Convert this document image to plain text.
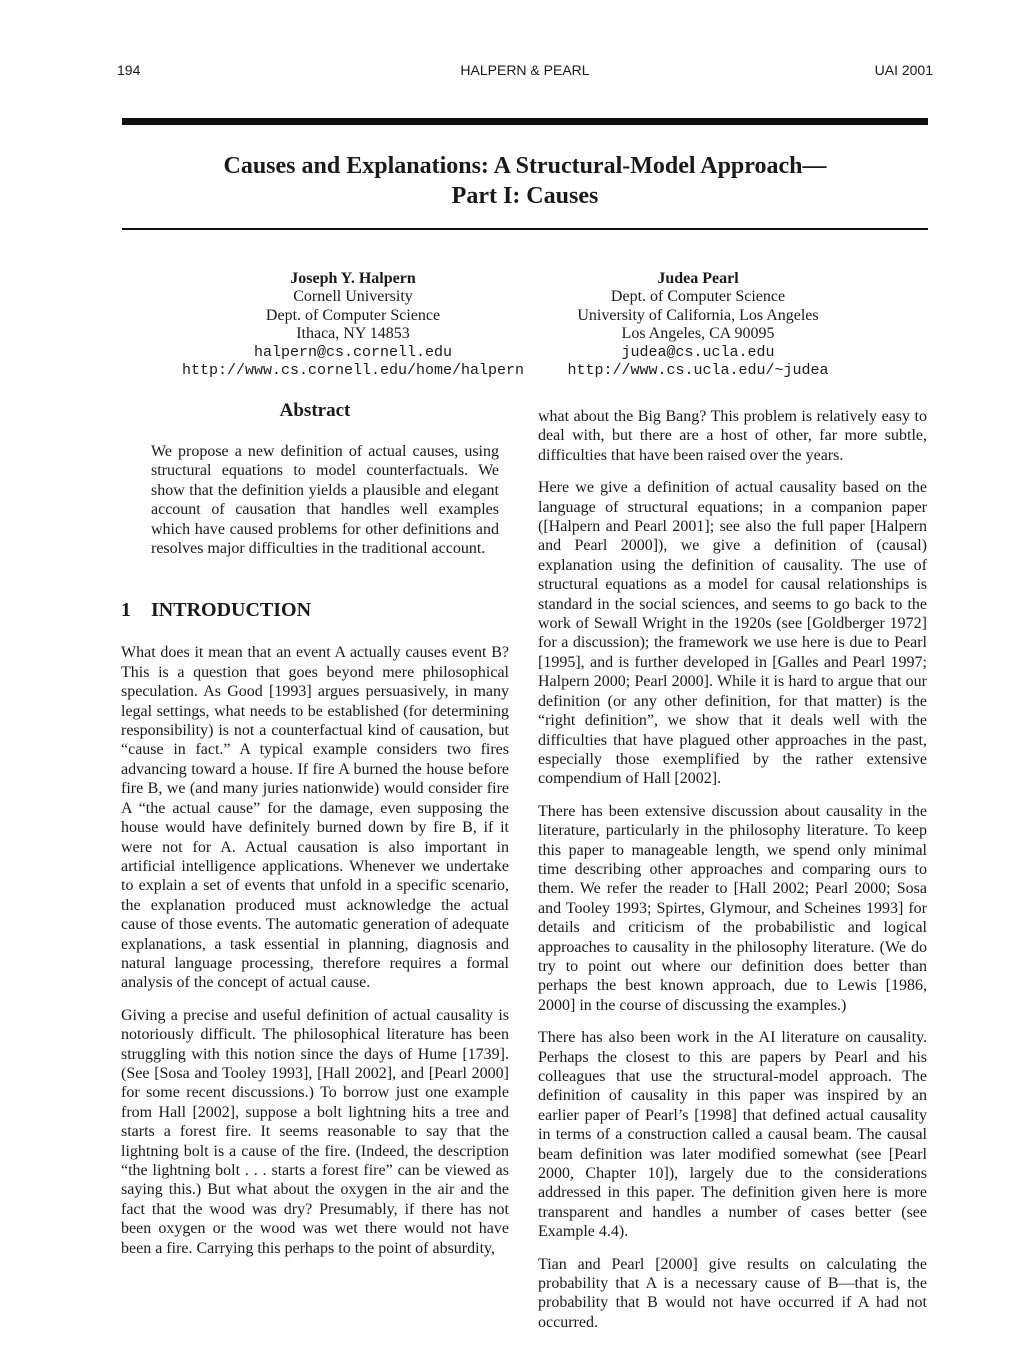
194	HALPERN & PEARL	UAI 2001
Causes and Explanations: A Structural-Model Approach—
Part I: Causes
Joseph Y. Halpern
Cornell University
Dept. of Computer Science
Ithaca, NY 14853
halpern@cs.cornell.edu
http://www.cs.cornell.edu/home/halpern
Judea Pearl
Dept. of Computer Science
University of California, Los Angeles
Los Angeles, CA 90095
judea@cs.ucla.edu
http://www.cs.ucla.edu/~judea
Abstract

We propose a new definition of actual causes, using structural equations to model counterfactuals. We show that the definition yields a plausible and elegant account of causation that handles well examples which have caused problems for other definitions and resolves major difficulties in the traditional account.

1 INTRODUCTION

What does it mean that an event A actually causes event B? This is a question that goes beyond mere philosophical speculation. As Good [1993] argues persuasively, in many legal settings, what needs to be established (for determining responsibility) is not a counterfactual kind of causation, but “cause in fact.” A typical example considers two fires advancing toward a house. If fire A burned the house before fire B, we (and many juries nationwide) would consider fire A “the actual cause” for the damage, even supposing the house would have definitely burned down by fire B, if it were not for A. Actual causation is also important in artificial intelligence applications. Whenever we undertake to explain a set of events that unfold in a specific scenario, the explanation produced must acknowledge the actual cause of those events. The automatic generation of adequate explanations, a task essential in planning, diagnosis and natural language processing, therefore requires a formal analysis of the concept of actual cause.

Giving a precise and useful definition of actual causality is notoriously difficult. The philosophical literature has been struggling with this notion since the days of Hume [1739]. (See [Sosa and Tooley 1993], [Hall 2002], and [Pearl 2000] for some recent discussions.) To borrow just one example from Hall [2002], suppose a bolt lightning hits a tree and starts a forest fire. It seems reasonable to say that the lightning bolt is a cause of the fire. (Indeed, the description “the lightning bolt . . . starts a forest fire” can be viewed as saying this.) But what about the oxygen in the air and the fact that the wood was dry? Presumably, if there has not been oxygen or the wood was wet there would not have been a fire. Carrying this perhaps to the point of absurdity,

what about the Big Bang? This problem is relatively easy to deal with, but there are a host of other, far more subtle, difficulties that have been raised over the years.

Here we give a definition of actual causality based on the language of structural equations; in a companion paper ([Halpern and Pearl 2001]; see also the full paper [Halpern and Pearl 2000]), we give a definition of (causal) explanation using the definition of causality. The use of structural equations as a model for causal relationships is standard in the social sciences, and seems to go back to the work of Sewall Wright in the 1920s (see [Goldberger 1972] for a discussion); the framework we use here is due to Pearl [1995], and is further developed in [Galles and Pearl 1997; Halpern 2000; Pearl 2000]. While it is hard to argue that our definition (or any other definition, for that matter) is the “right definition”, we show that it deals well with the difficulties that have plagued other approaches in the past, especially those exemplified by the rather extensive compendium of Hall [2002].

There has been extensive discussion about causality in the literature, particularly in the philosophy literature. To keep this paper to manageable length, we spend only minimal time describing other approaches and comparing ours to them. We refer the reader to [Hall 2002; Pearl 2000; Sosa and Tooley 1993; Spirtes, Glymour, and Scheines 1993] for details and criticism of the probabilistic and logical approaches to causality in the philosophy literature. (We do try to point out where our definition does better than perhaps the best known approach, due to Lewis [1986, 2000] in the course of discussing the examples.)

There has also been work in the AI literature on causality. Perhaps the closest to this are papers by Pearl and his colleagues that use the structural-model approach. The definition of causality in this paper was inspired by an earlier paper of Pearl’s [1998] that defined actual causality in terms of a construction called a causal beam. The causal beam definition was later modified somewhat (see [Pearl 2000, Chapter 10]), largely due to the considerations addressed in this paper. The definition given here is more transparent and handles a number of cases better (see Example 4.4).

Tian and Pearl [2000] give results on calculating the probability that A is a necessary cause of B—that is, the probability that B would not have occurred if A had not occurred.
